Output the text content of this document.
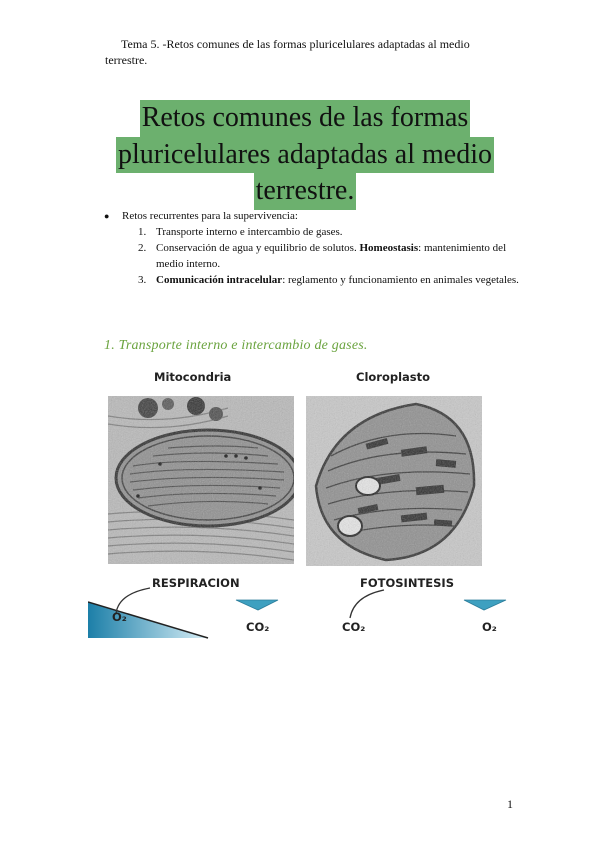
Tema 5. -Retos comunes de las formas pluricelulares adaptadas al medio terrestre.
Retos comunes de las formas
pluricelulares adaptadas al medio
terrestre.
●	Retos recurrentes para la supervivencia:
1. Transporte interno e intercambio de gases.
2. Conservación de agua y equilibrio de solutos. Homeostasis: mantenimiento del medio interno.
3. Comunicación intracelular: reglamento y funcionamiento en animales vegetales.
1. Transporte interno e intercambio de gases.
Mitocondria	Cloroplasto
RESPIRACION	FOTOSINTESIS
O₂
CO₂	CO₂	O₂
1
